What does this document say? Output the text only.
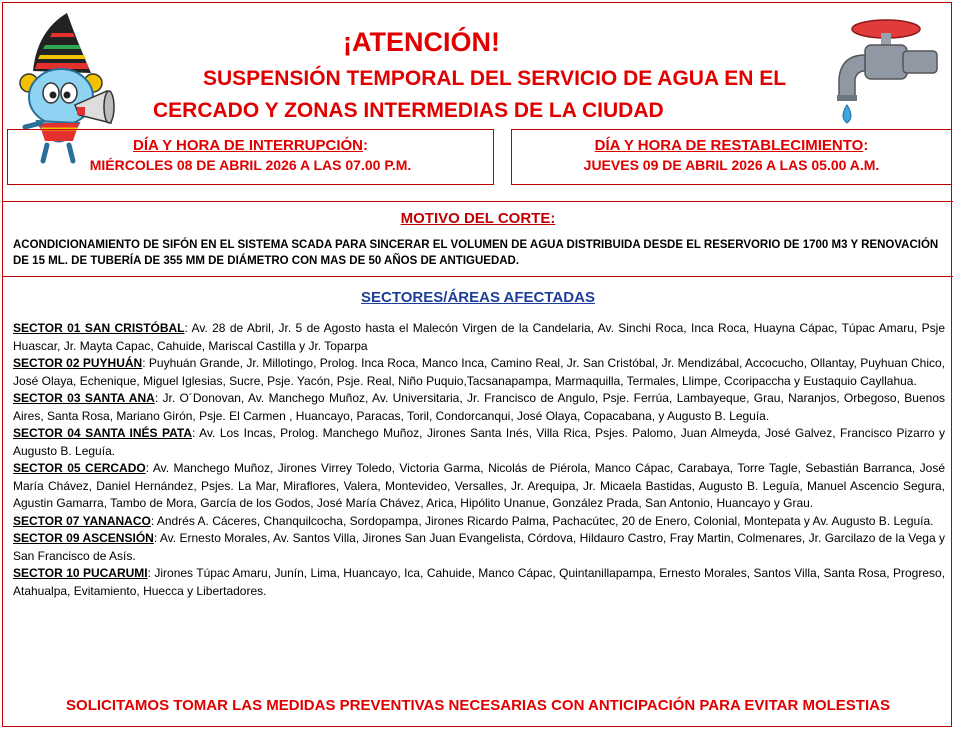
¡ATENCIÓN!
SUSPENSIÓN TEMPORAL DEL SERVICIO DE AGUA EN EL
CERCADO Y ZONAS INTERMEDIAS DE LA CIUDAD
DÍA Y HORA DE INTERRUPCIÓN:
MIÉRCOLES 08 DE ABRIL 2026 A LAS 07.00 P.M.
DÍA Y HORA DE RESTABLECIMIENTO:
JUEVES 09 DE ABRIL 2026 A LAS 05.00 A.M.
MOTIVO DEL CORTE:
ACONDICIONAMIENTO DE SIFÓN EN EL SISTEMA SCADA PARA SINCERAR EL VOLUMEN DE AGUA DISTRIBUIDA DESDE EL RESERVORIO DE 1700 M3 Y RENOVACIÓN DE 15 ML. DE TUBERÍA DE 355 MM DE DIÁMETRO CON MAS DE 50 AÑOS DE ANTIGUEDAD.
SECTORES/ÁREAS AFECTADAS

SECTOR 01 SAN CRISTÓBAL: Av. 28 de Abril, Jr. 5 de Agosto hasta el Malecón Virgen de la Candelaria, Av. Sinchi Roca, Inca Roca, Huayna Cápac, Túpac Amaru, Psje Huascar, Jr. Mayta Capac, Cahuide, Mariscal Castilla y Jr. Toparpa

SECTOR 02 PUYHUÁN: Puyhuán Grande, Jr. Millotingo, Prolog. Inca Roca, Manco Inca, Camino Real, Jr. San Cristóbal, Jr. Mendizábal, Accocucho, Ollantay, Puyhuan Chico, José Olaya, Echenique, Miguel Iglesias, Sucre, Psje. Yacón, Psje. Real, Niño Puquio,Tacsanapampa, Marmaquilla, Termales, Llimpe, Ccoripaccha y Eustaquio Cayllahua.

SECTOR 03 SANTA ANA: Jr. O´Donovan, Av. Manchego Muñoz, Av. Universitaria, Jr. Francisco de Angulo, Psje. Ferrúa, Lambayeque, Grau, Naranjos, Orbegoso, Buenos Aires, Santa Rosa, Mariano Girón, Psje. El Carmen , Huancayo, Paracas, Toril, Condorcanqui, José Olaya, Copacabana, y Augusto B. Leguía.

SECTOR 04 SANTA INÉS PATA: Av. Los Incas, Prolog. Manchego Muñoz, Jirones Santa Inés, Villa Rica, Psjes. Palomo, Juan Almeyda, José Galvez, Francisco Pizarro y Augusto B. Leguía.

SECTOR 05 CERCADO: Av. Manchego Muñoz, Jirones Virrey Toledo, Victoria Garma, Nicolás de Piérola, Manco Cápac, Carabaya, Torre Tagle, Sebastián Barranca, José María Chávez, Daniel Hernández, Psjes. La Mar, Miraflores, Valera, Montevideo, Versalles, Jr. Arequipa, Jr. Micaela Bastidas, Augusto B. Leguía, Manuel Ascencio Segura, Agustin Gamarra, Tambo de Mora, García de los Godos, José María Chávez, Arica, Hipólito Unanue, González Prada, San Antonio, Huancayo y Grau.

SECTOR 07 YANANACO: Andrés A. Cáceres, Chanquilcocha, Sordopampa, Jirones Ricardo Palma, Pachacútec, 20 de Enero, Colonial, Montepata y Av. Augusto B. Leguía.

SECTOR 09 ASCENSIÓN: Av. Ernesto Morales, Av. Santos Villa, Jirones San Juan Evangelista, Córdova, Hildauro Castro, Fray Martin, Colmenares, Jr. Garcilazo de la Vega y San Francisco de Asís.

SECTOR 10 PUCARUMI: Jirones Túpac Amaru, Junín, Lima, Huancayo, Ica, Cahuide, Manco Cápac, Quintanillapampa, Ernesto Morales, Santos Villa, Santa Rosa, Progreso, Atahualpa, Evitamiento, Huecca y Libertadores.

SOLICITAMOS TOMAR LAS MEDIDAS PREVENTIVAS NECESARIAS CON ANTICIPACIÓN PARA EVITAR MOLESTIAS
